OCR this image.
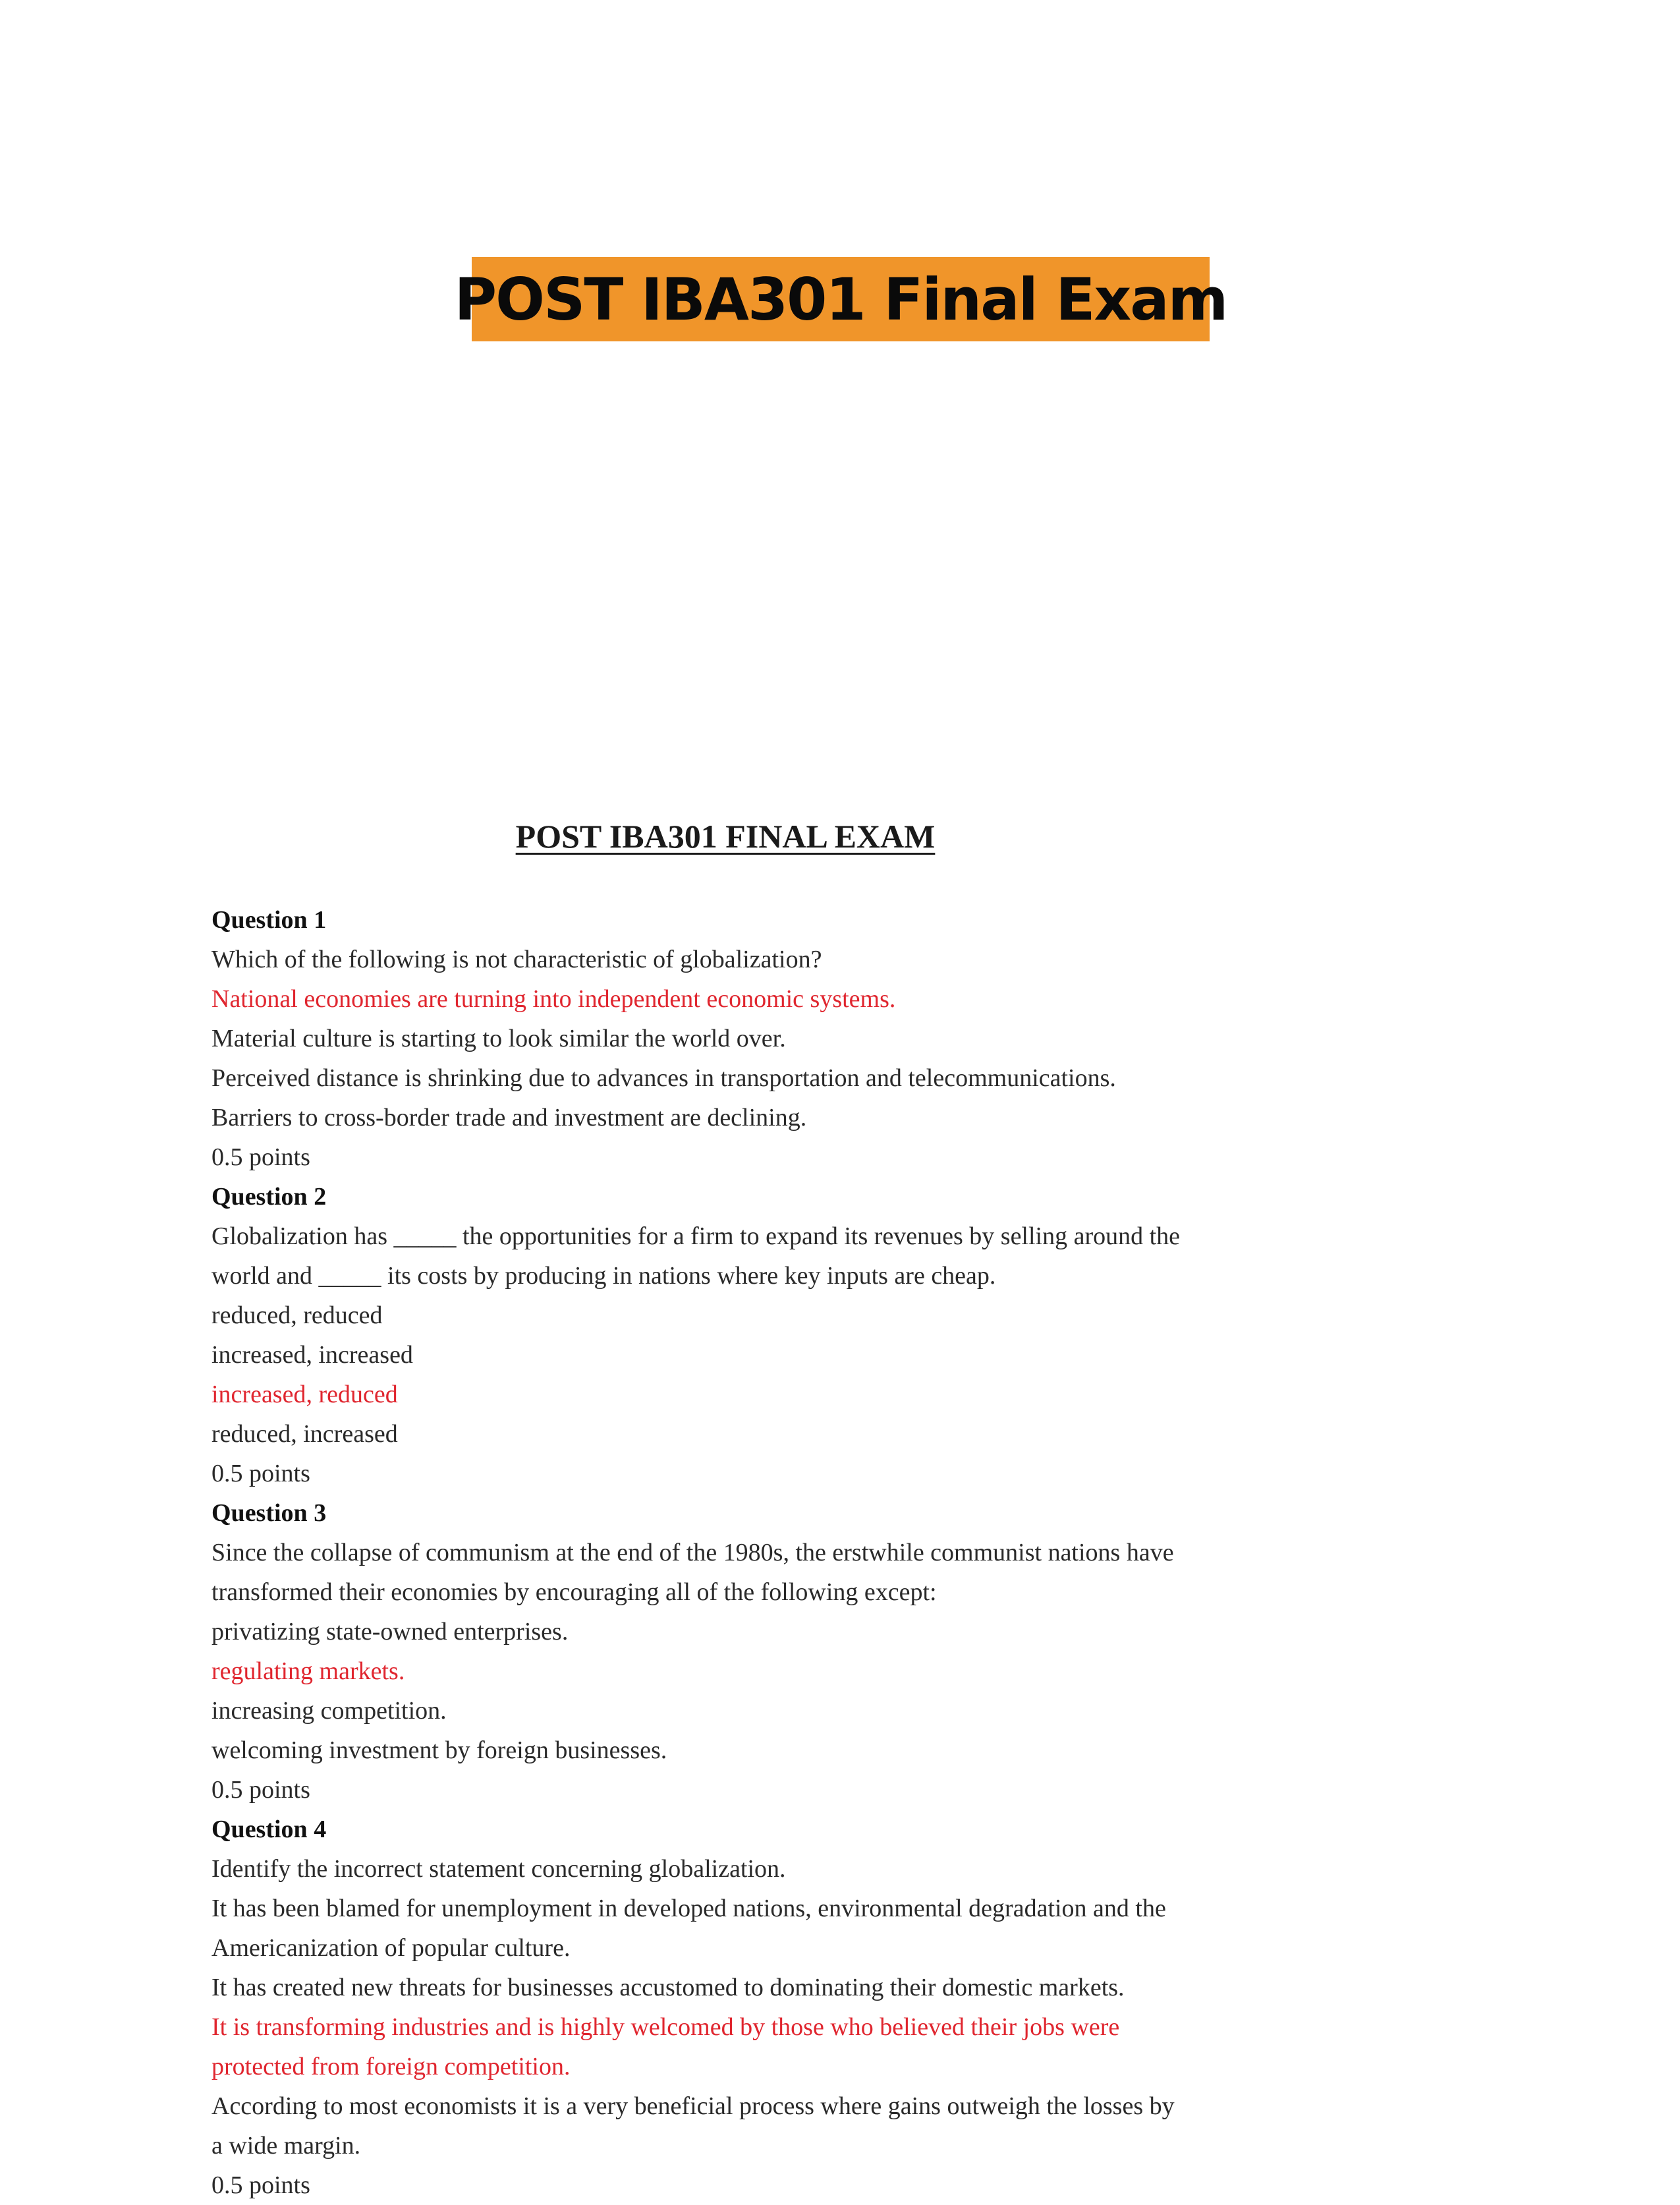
POST IBA301 Final Exam
POST IBA301 FINAL EXAM
Question 1
Which of the following is not characteristic of globalization?
National economies are turning into independent economic systems.
Material culture is starting to look similar the world over.
Perceived distance is shrinking due to advances in transportation and telecommunications.
Barriers to cross-border trade and investment are declining.
0.5 points
Question 2
Globalization has _____ the opportunities for a firm to expand its revenues by selling around the
world and _____ its costs by producing in nations where key inputs are cheap.
reduced, reduced
increased, increased
increased, reduced
reduced, increased
0.5 points
Question 3
Since the collapse of communism at the end of the 1980s, the erstwhile communist nations have
transformed their economies by encouraging all of the following except:
privatizing state-owned enterprises.
regulating markets.
increasing competition.
welcoming investment by foreign businesses.
0.5 points
Question 4
Identify the incorrect statement concerning globalization.
It has been blamed for unemployment in developed nations, environmental degradation and the
Americanization of popular culture.
It has created new threats for businesses accustomed to dominating their domestic markets.
It is transforming industries and is highly welcomed by those who believed their jobs were
protected from foreign competition.
According to most economists it is a very beneficial process where gains outweigh the losses by
a wide margin.
0.5 points
